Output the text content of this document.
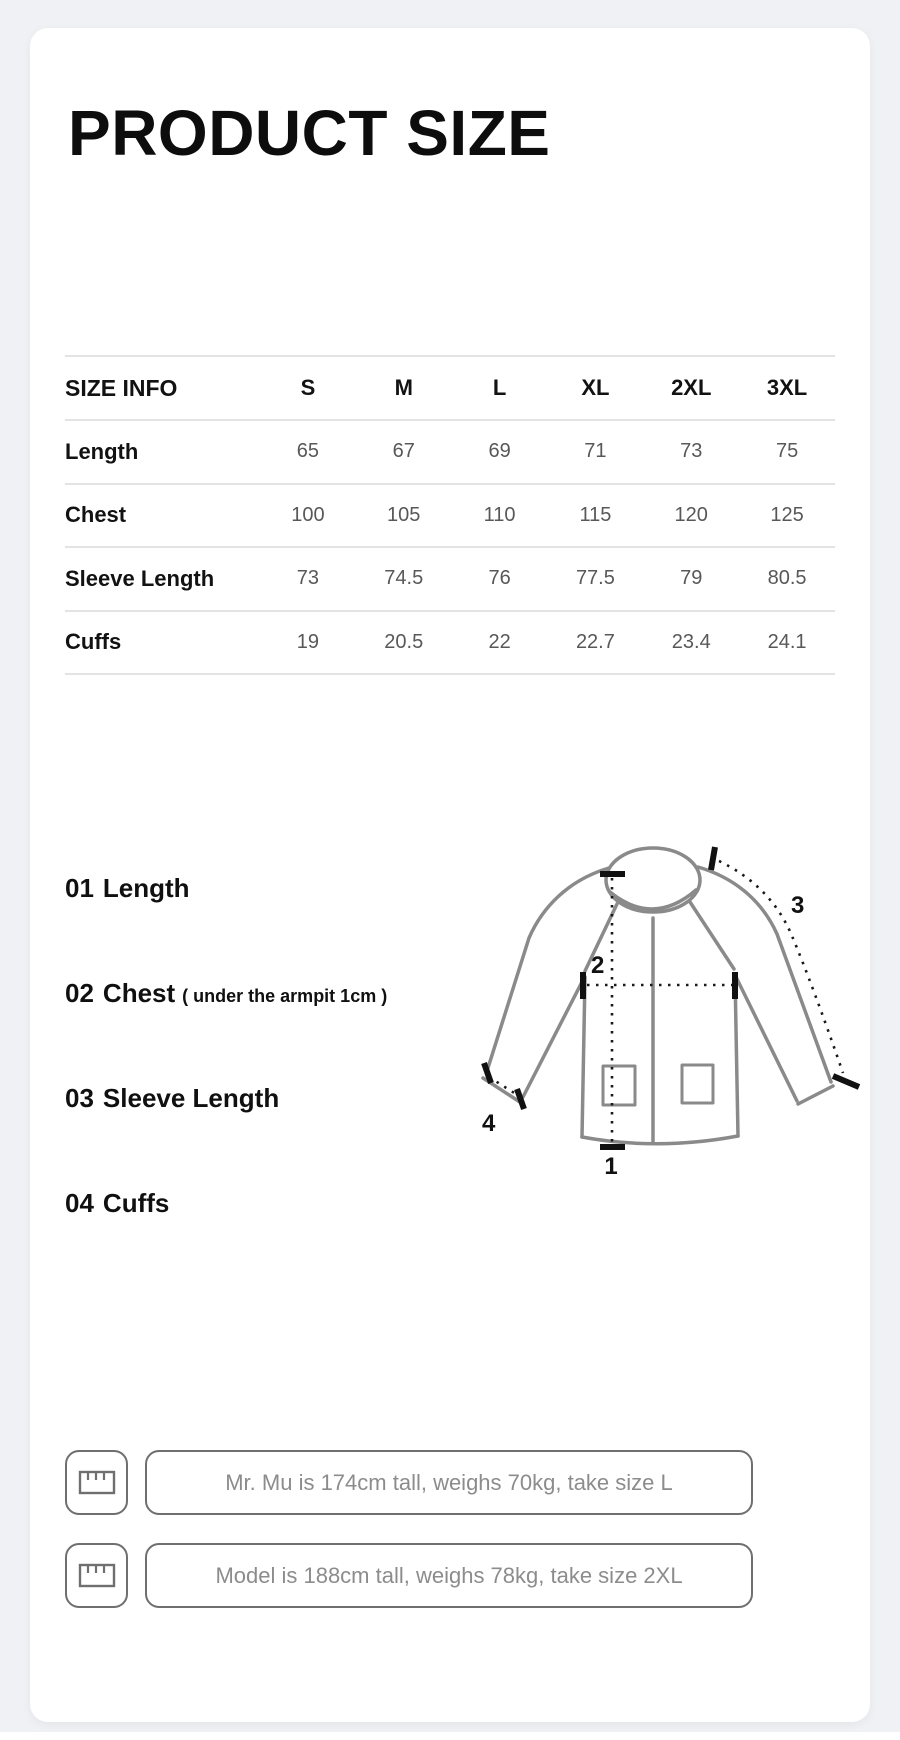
PRODUCT SIZE
SIZE INFO	S	M	L	XL	2XL	3XL
Length	65	67	69	71	73	75
Chest	100	105	110	115	120	125
Sleeve Length	73	74.5	76	77.5	79	80.5
Cuffs	19	20.5	22	22.7	23.4	24.1
01 Length
02 Chest ( under the armpit 1cm )
03 Sleeve Length
04 Cuffs
1
2
3
4
Mr. Mu is 174cm tall, weighs 70kg, take size L
Model is 188cm tall, weighs 78kg, take size 2XL
